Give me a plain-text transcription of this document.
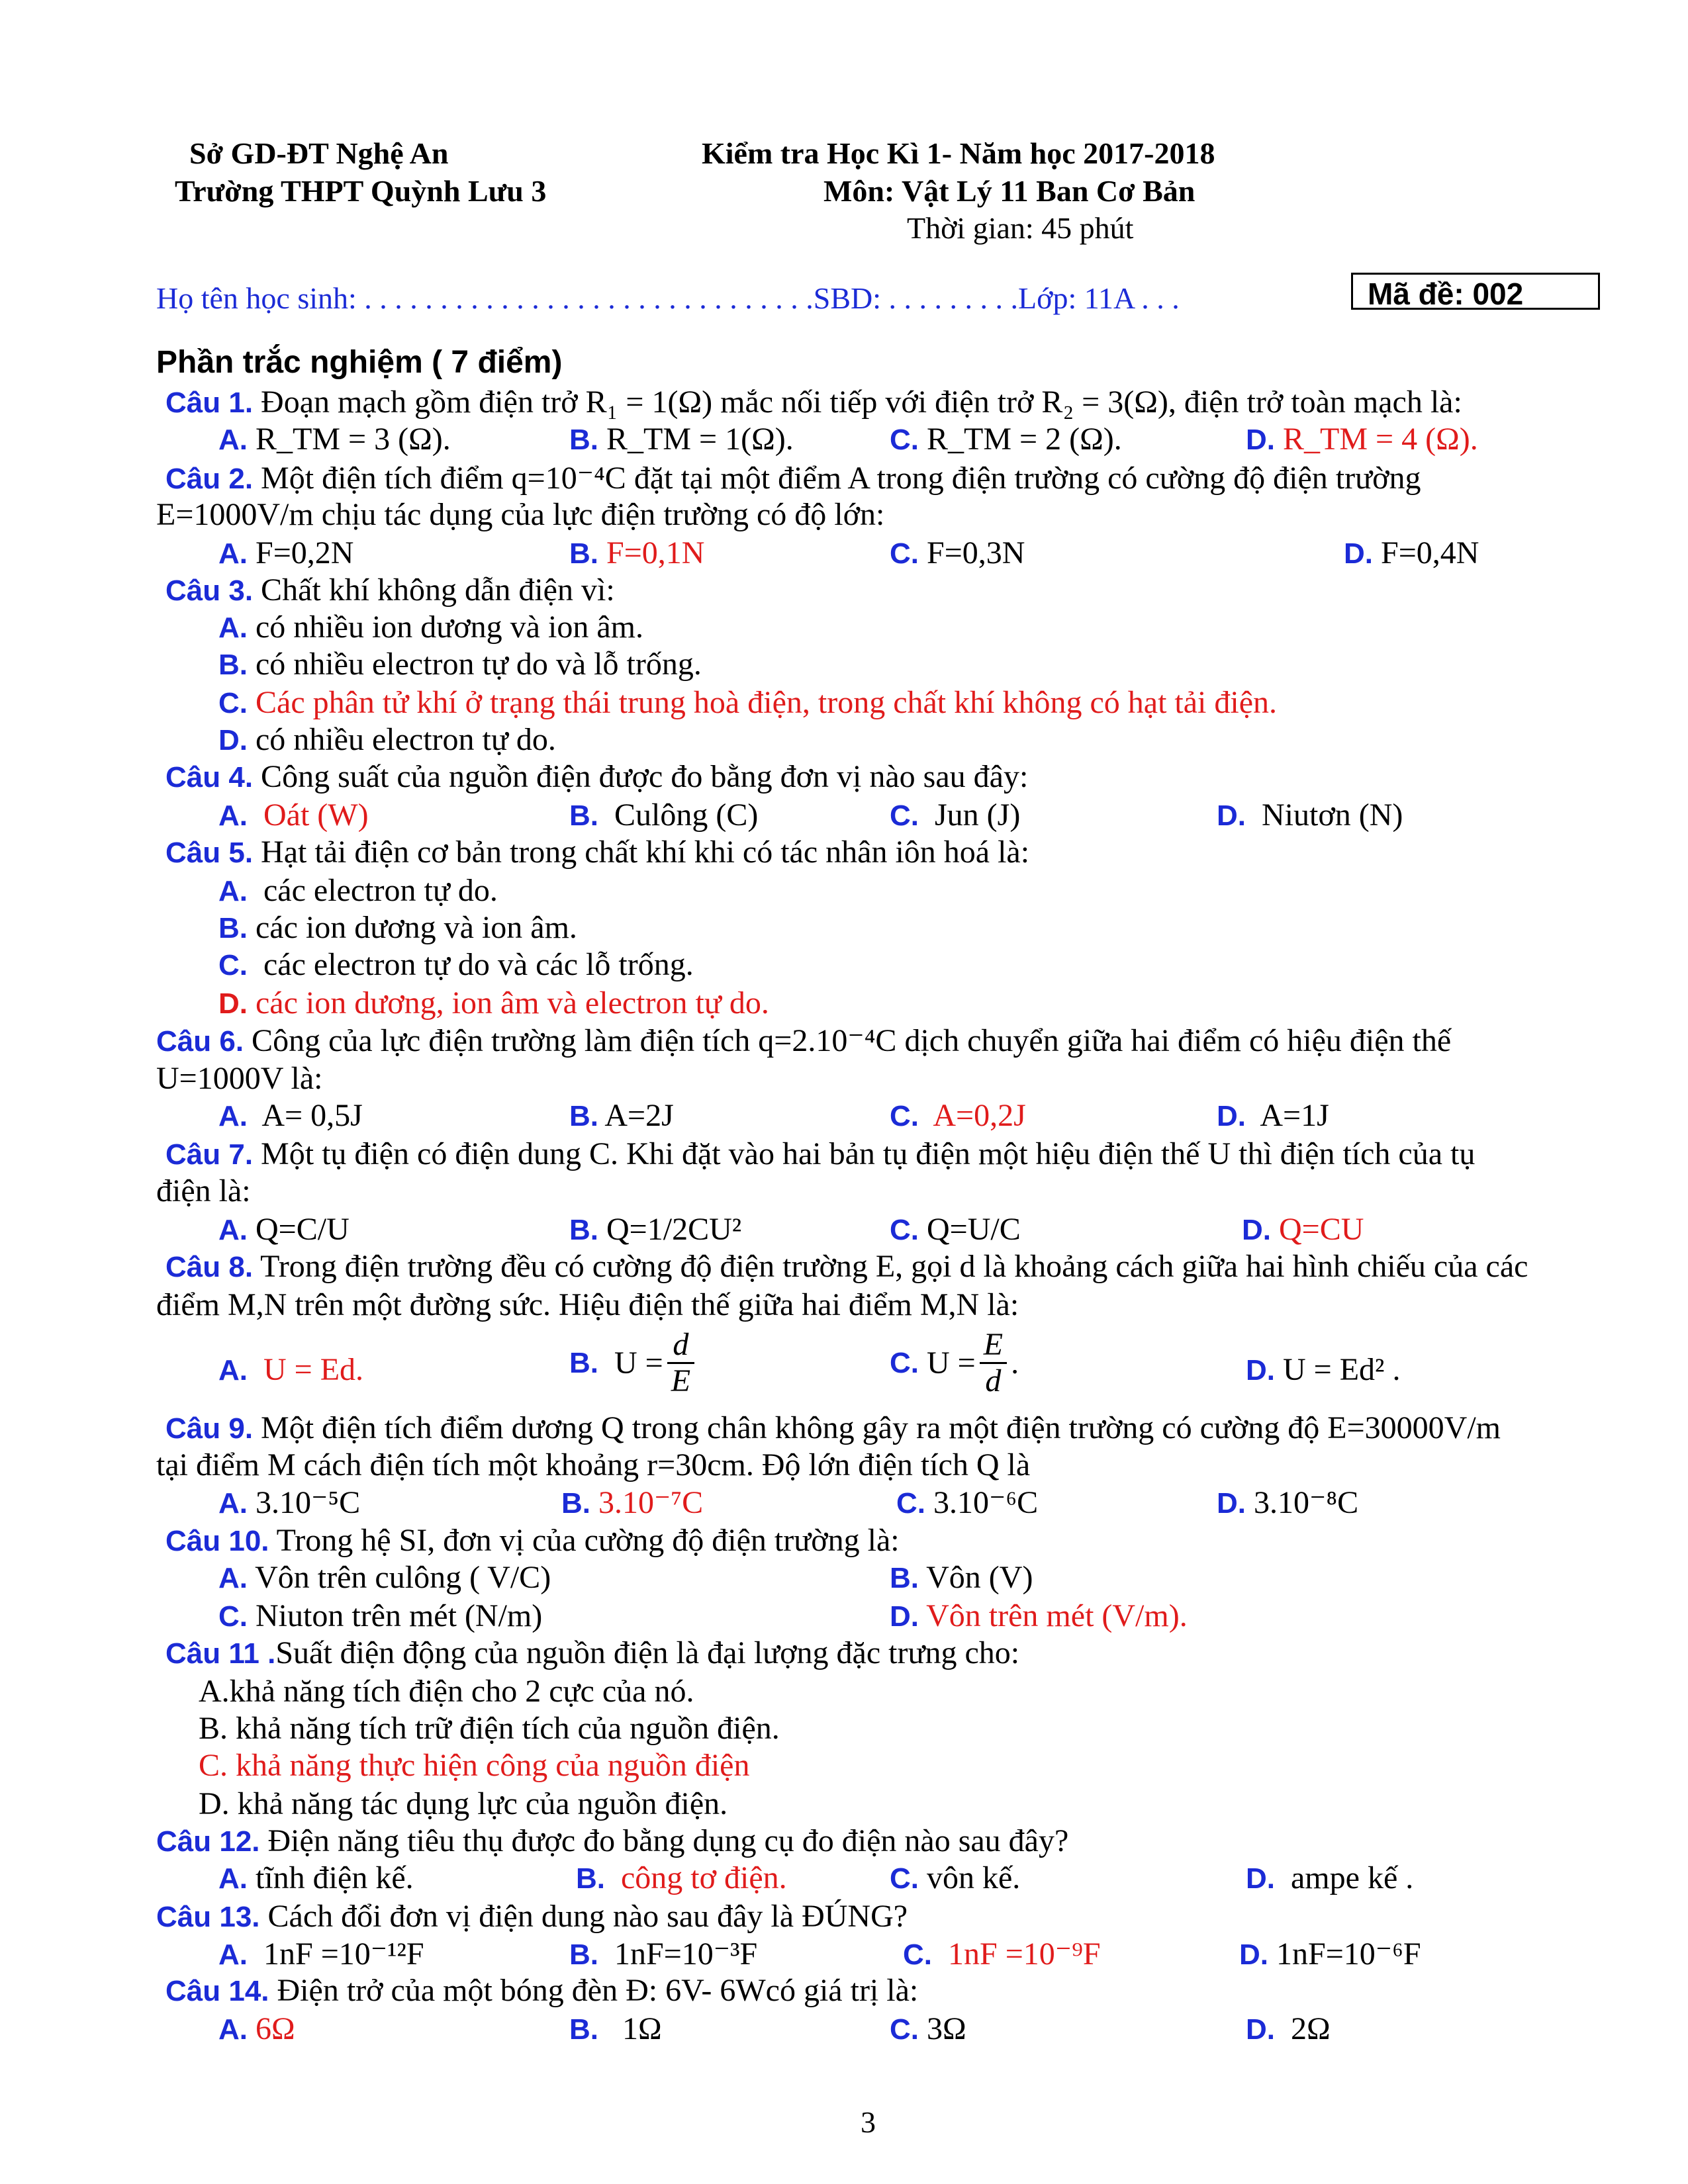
Sở GD-ĐT Nghệ An
Trường THPT Quỳnh Lưu 3
Kiểm tra Học Kì 1- Năm học 2017-2018
Môn: Vật Lý 11 Ban Cơ Bản
Thời gian: 45 phút
Họ tên học sinh: . . . . . . . . . . . . . . . . . . . . . . . . . . . . . .SBD: . . . . . . . . .Lớp: 11A . . .	Mã đề: 002
Phần trắc nghiệm ( 7 điểm)
Câu 1. Đoạn mạch gồm điện trở R₁ = 1(Ω) mắc nối tiếp với điện trở R₂ = 3(Ω), điện trở toàn mạch là:
A. R_TM = 3 (Ω).	B. R_TM = 1(Ω).	C. R_TM = 2 (Ω).	D. R_TM = 4 (Ω).
Câu 2. Một điện tích điểm q=10⁻⁴C đặt tại một điểm A trong điện trường có cường độ điện trường
E=1000V/m chịu tác dụng của lực điện trường có độ lớn:
A. F=0,2N	B. F=0,1N	C. F=0,3N	D. F=0,4N
Câu 3. Chất khí không dẫn điện vì:
A. có nhiều ion dương và ion âm.
B. có nhiều electron tự do và lỗ trống.
C. Các phân tử khí ở trạng thái trung hoà điện, trong chất khí không có hạt tải điện.
D. có nhiều electron tự do.
Câu 4. Công suất của nguồn điện được đo bằng đơn vị nào sau đây:
A. Oát (W)	B. Culông (C)	C. Jun (J)	D. Niutơn (N)
Câu 5. Hạt tải điện cơ bản trong chất khí khi có tác nhân iôn hoá là:
A. các electron tự do.
B. các ion dương và ion âm.
C. các electron tự do và các lỗ trống.
D. các ion dương, ion âm và electron tự do.
Câu 6. Công của lực điện trường làm điện tích q=2.10⁻⁴C dịch chuyển giữa hai điểm có hiệu điện thế
U=1000V là:
A. A= 0,5J	B. A=2J	C. A=0,2J	D. A=1J
Câu 7. Một tụ điện có điện dung C. Khi đặt vào hai bản tụ điện một hiệu điện thế U thì điện tích của tụ
điện là:
A. Q=C/U	B. Q=1/2CU²	C. Q=U/C	D. Q=CU
Câu 8. Trong điện trường đều có cường độ điện trường E, gọi d là khoảng cách giữa hai hình chiếu của các
điểm M,N trên một đường sức. Hiệu điện thế giữa hai điểm M,N là:
A. U = Ed.	B.
$U = \frac{d}{E}$	C.
$U = \frac{E}{d}$ .	D. U = Ed² .
Câu 9. Một điện tích điểm dương Q trong chân không gây ra một điện trường có cường độ E=30000V/m
tại điểm M cách điện tích một khoảng r=30cm. Độ lớn điện tích Q là
A. 3.10⁻⁵C	B. 3.10⁻⁷C	C. 3.10⁻⁶C	D. 3.10⁻⁸C
Câu 10. Trong hệ SI, đơn vị của cường độ điện trường là:
A. Vôn trên culông ( V/C)	B. Vôn (V)
C. Niuton trên mét (N/m)	D. Vôn trên mét (V/m).
Câu 11 .Suất điện động của nguồn điện là đại lượng đặc trưng cho:
A.khả năng tích điện cho 2 cực của nó.
B. khả năng tích trữ điện tích của nguồn điện.
C. khả năng thực hiện công của nguồn điện
D. khả năng tác dụng lực của nguồn điện.
Câu 12. Điện năng tiêu thụ được đo bằng dụng cụ đo điện nào sau đây?
A. tĩnh điện kế.	B. công tơ điện.	C. vôn kế.	D. ampe kế .
Câu 13. Cách đổi đơn vị điện dung nào sau đây là ĐÚNG?
A. 1nF =10⁻¹²F	B. 1nF=10⁻³F	C. 1nF =10⁻⁹F	D. 1nF=10⁻⁶F
Câu 14. Điện trở của một bóng đèn Đ: 6V- 6Wcó giá trị là:
A. 6Ω	B. 1Ω	C. 3Ω	D. 2Ω
3
